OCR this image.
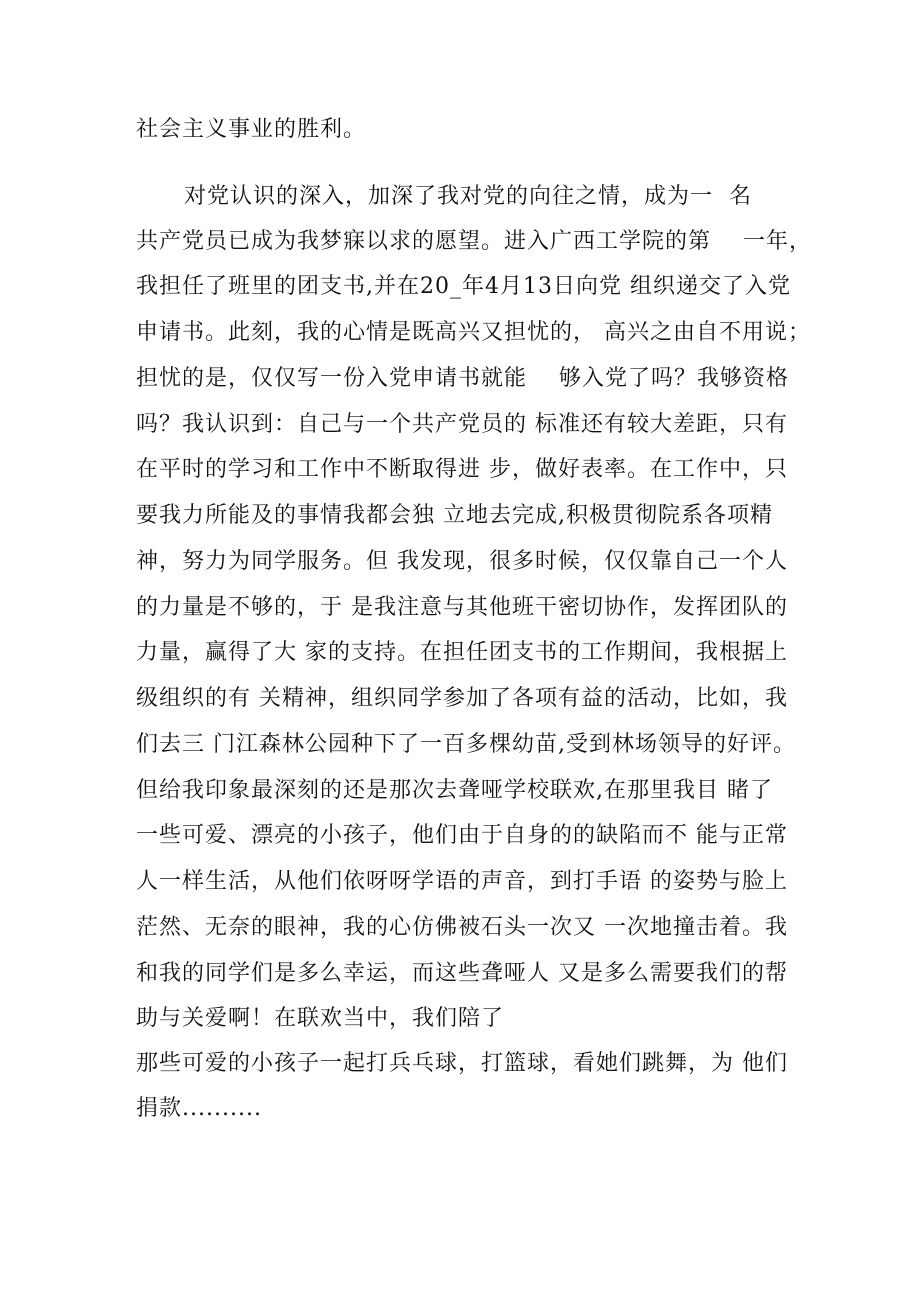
社会主义事业的胜利。
对党认识的深入，加深了我对党的向往之情，成为一  名
共产党员已成为我梦寐以求的愿望。进入广西工学院的第    一年，
我担任了班里的团支书,并在20_年4月13日向党 组织递交了入党
申请书。此刻，我的心情是既高兴又担忧的， 高兴之由自不用说；
担忧的是，仅仅写一份入党申请书就能    够入党了吗？我够资格
吗？我认识到：自己与一个共产党员的 标准还有较大差距，只有
在平时的学习和工作中不断取得进 步，做好表率。在工作中，只
要我力所能及的事情我都会独 立地去完成,积极贯彻院系各项精
神，努力为同学服务。但 我发现，很多时候，仅仅靠自己一个人
的力量是不够的，于 是我注意与其他班干密切协作，发挥团队的
力量，赢得了大 家的支持。在担任团支书的工作期间，我根据上
级组织的有 关精神，组织同学参加了各项有益的活动，比如，我
们去三 门江森林公园种下了一百多棵幼苗,受到林场领导的好评。
但给我印象最深刻的还是那次去聋哑学校联欢,在那里我目 睹了
一些可爱、漂亮的小孩子，他们由于自身的的缺陷而不 能与正常
人一样生活，从他们依呀呀学语的声音，到打手语 的姿势与脸上
茫然、无奈的眼神，我的心仿佛被石头一次又 一次地撞击着。我
和我的同学们是多么幸运，而这些聋哑人 又是多么需要我们的帮
助与关爱啊！在联欢当中，我们陪了
那些可爱的小孩子一起打兵乓球，打篮球，看她们跳舞，为 他们
捐款..........
